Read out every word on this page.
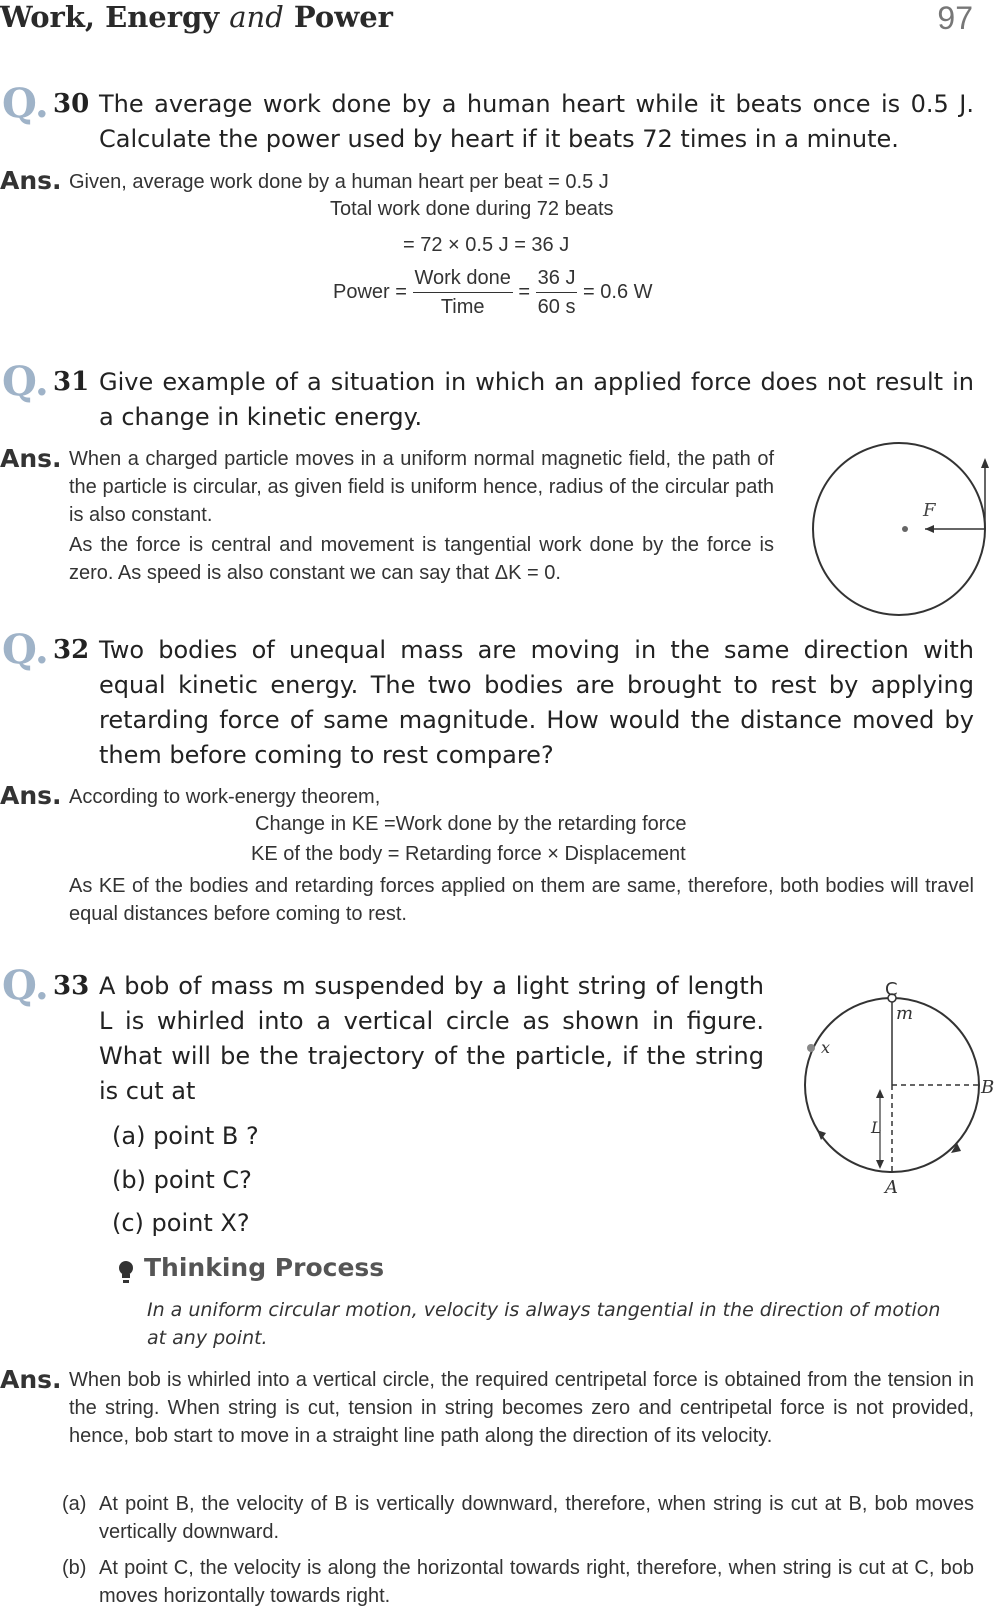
Work, Energy and Power	97
Q. 30 The average work done by a human heart while it beats once is 0.5 J. Calculate the power used by heart if it beats 72 times in a minute.
Ans. Given, average work done by a human heart per beat = 0.5 J
Total work done during 72 beats
= 72 × 0.5 J = 36 J
Power = $\frac{\text{Work done}}{\text{Time}} = \frac{36 J}{60 s} = 0.6$ W
Q. 31 Give example of a situation in which an applied force does not result in a change in kinetic energy.
Ans. When a charged particle moves in a uniform normal magnetic field, the path of the particle is circular, as given field is uniform hence, radius of the circular path is also constant.
As the force is central and movement is tangential work done by the force is zero. As speed is also constant we can say that ΔK = 0.
F
Q. 32 Two bodies of unequal mass are moving in the same direction with equal kinetic energy. The two bodies are brought to rest by applying retarding force of same magnitude. How would the distance moved by them before coming to rest compare?
Ans. According to work-energy theorem,
Change in KE =Work done by the retarding force
KE of the body = Retarding force × Displacement
As KE of the bodies and retarding forces applied on them are same, therefore, both bodies will travel equal distances before coming to rest.
Q. 33 A bob of mass m suspended by a light string of length L is whirled into a vertical circle as shown in figure. What will be the trajectory of the particle, if the string is cut at
(a) point B ?
(b) point C?
(c) point X?
Thinking Process
In a uniform circular motion, velocity is always tangential in the direction of motion at any point.
Ans. When bob is whirled into a vertical circle, the required centripetal force is obtained from the tension in the string. When string is cut, tension in string becomes zero and centripetal force is not provided, hence, bob start to move in a straight line path along the direction of its velocity.
(a) At point B, the velocity of B is vertically downward, therefore, when string is cut at B, bob moves vertically downward.
(b) At point C, the velocity is along the horizontal towards right, therefore, when string is cut at C, bob moves horizontally towards right.
C
m
x
B
L
A
